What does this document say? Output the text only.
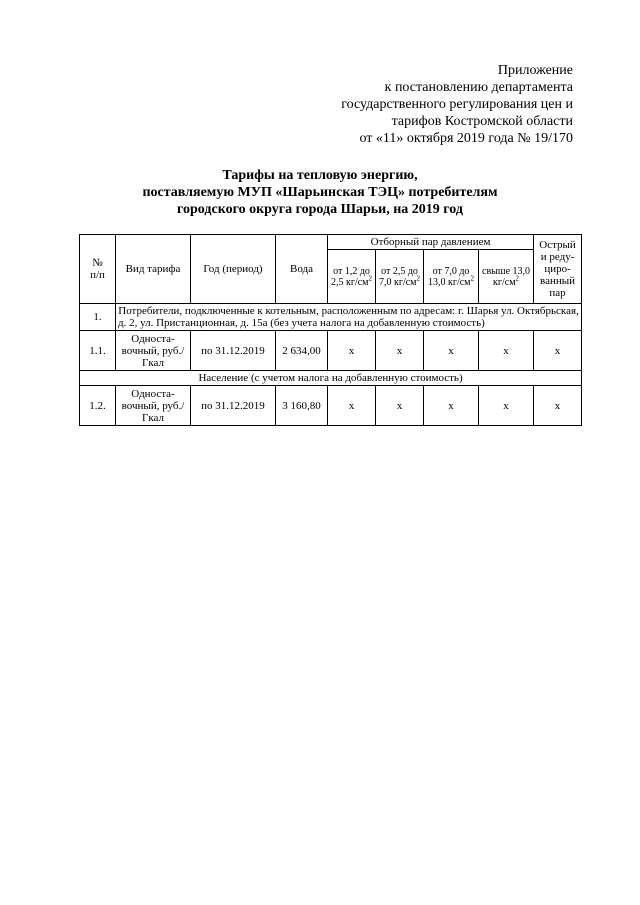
Приложение
к постановлению департамента
государственного регулирования цен и
тарифов Костромской области
от «11» октября 2019 года № 19/170
Тарифы на тепловую энергию,
поставляемую МУП «Шарьинская ТЭЦ» потребителям
городского округа города Шарьи, на 2019 год
№
п/п	Вид тарифа	Год (период)	Вода	Отборный пар давлением				Острый и реду-циро-ванный пар
				от 1,2 до 2,5 $кг/см^2$	от 2,5 до 7,0 $кг/см^2$	от 7,0 до 13,0 $кг/см^2$	свыше 13,0 $кг/см^2$
1.	Потребители, подключенные к котельным, расположенным по адресам: г. Шарья ул. Октябрьская, д. 2, ул. Пристанционная, д. 15а (без учета налога на добавленную стоимость)							
1.1.	Односта-вочный, руб./Гкал	по 31.12.2019	2 634,00	х	х	х	х	х
Население (с учетом налога на добавленную стоимость)								
1.2.	Односта-вочный, руб./Гкал	по 31.12.2019	3 160,80	х	х	х	х	х
